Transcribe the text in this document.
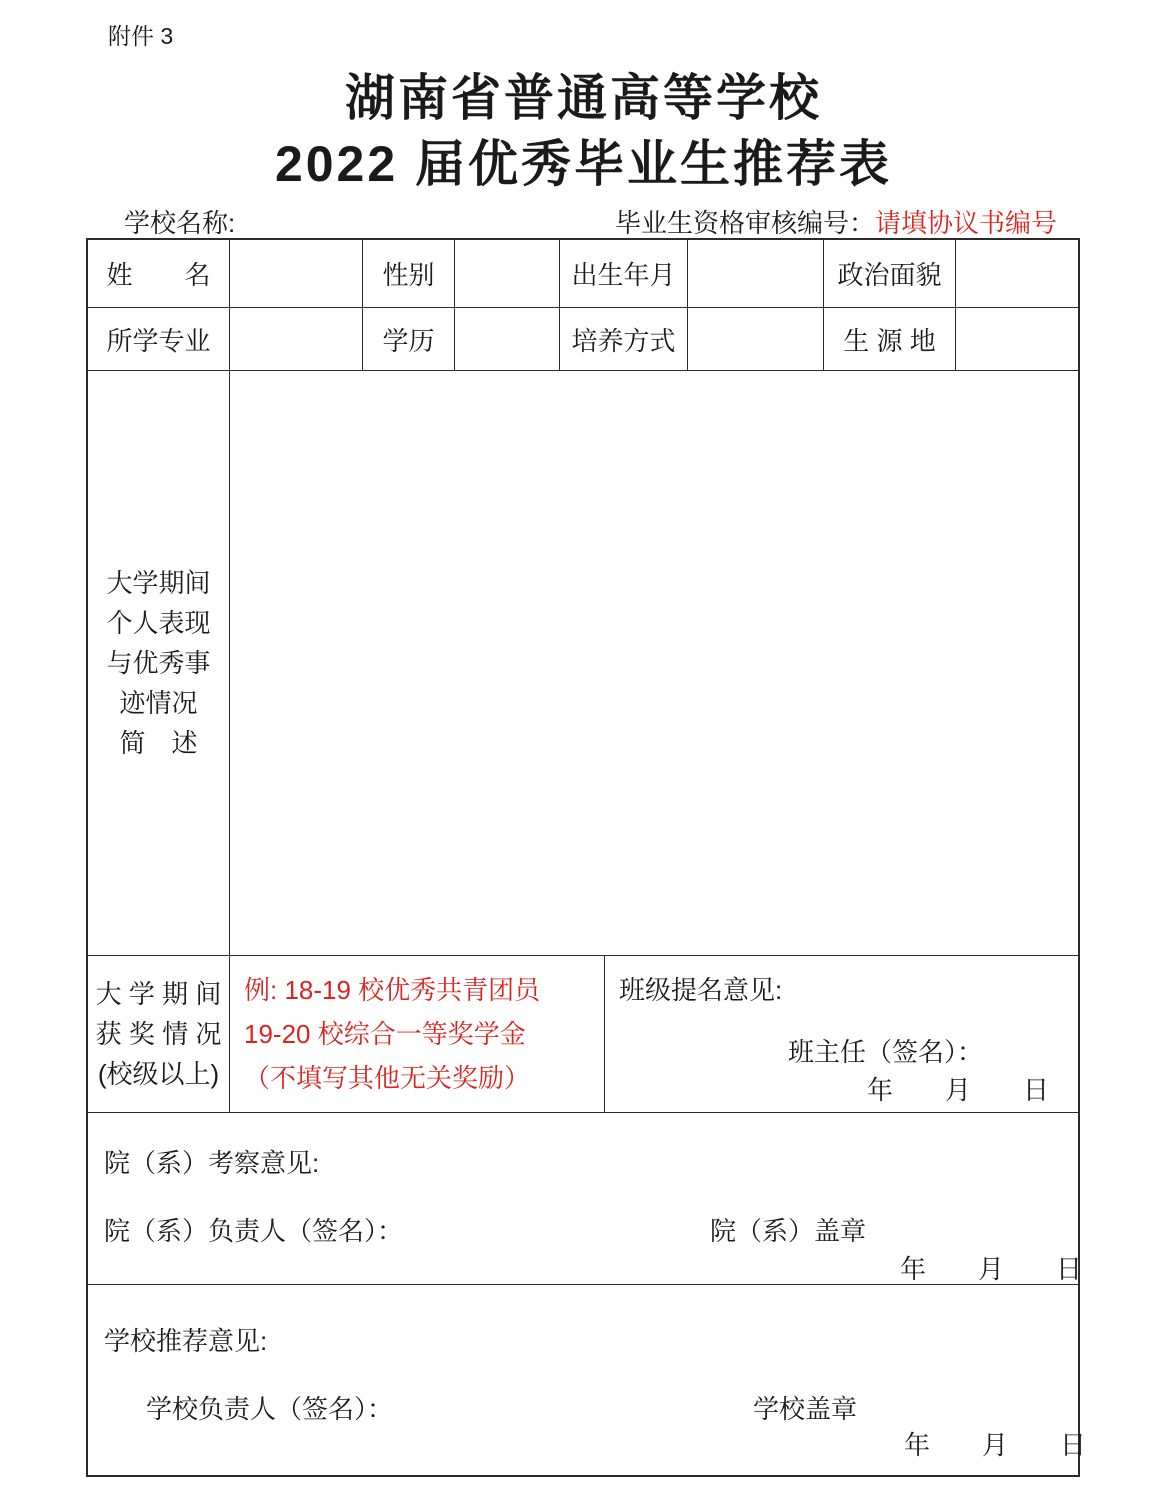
附件 3
湖南省普通高等学校
2022 届优秀毕业生推荐表
学校名称:	毕业生资格审核编号：请填协议书编号
姓　　名	性别	出生年月	政治面貌
所学专业	学历	培养方式	生 源 地
大学期间
个人表现
与优秀事
迹情况
简　述
大 学 期 间
获 奖 情 况
(校级以上)
例: 18-19 校优秀共青团员
19-20 校综合一等奖学金
（不填写其他无关奖励）

班级提名意见:

班主任（签名）：

年　　月　　日

院（系）考察意见:

院（系）负责人（签名）：

	院（系）盖章

年　　月　　日

学校推荐意见:

学校负责人（签名）：

	学校盖章

年　　月　　日
